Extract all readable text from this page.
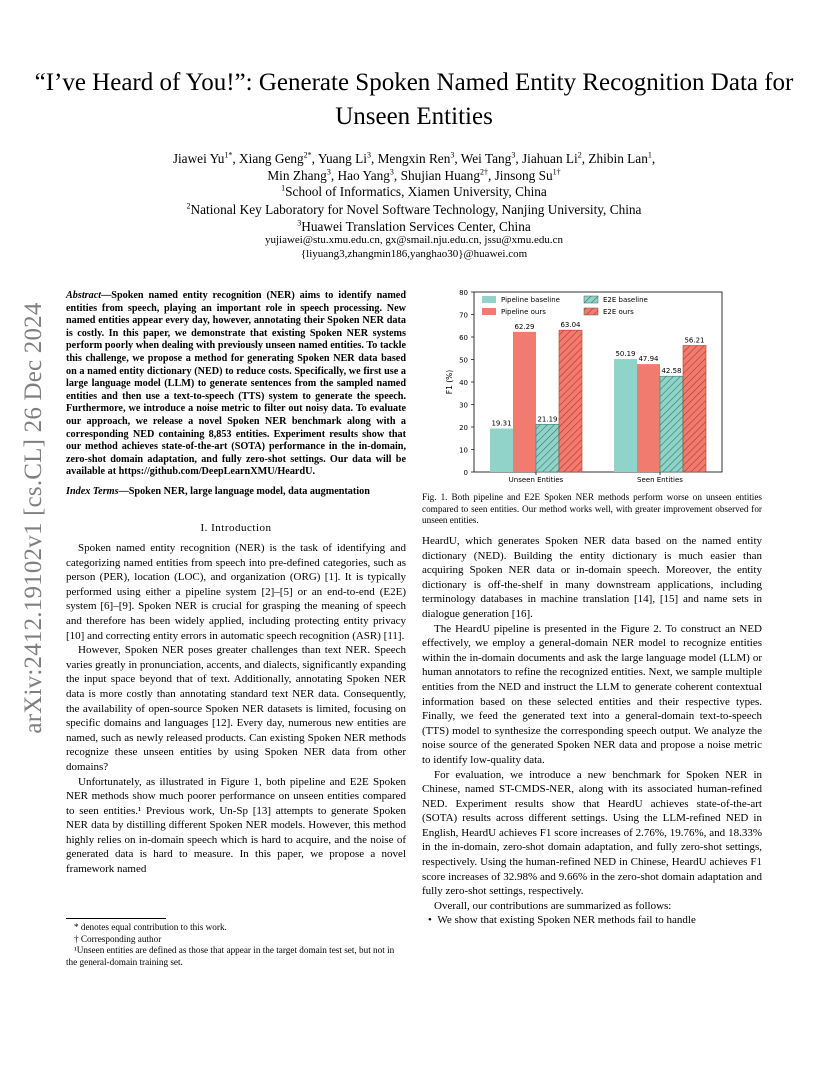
“I’ve Heard of You!”: Generate Spoken Named Entity Recognition Data for Unseen Entities
Jiawei $Yu^{1*}$, Xiang Geng$^{2*}$, Yuang Li$^3$, Mengxin Ren$^3$, Wei Tang$^3$, Jiahuan Li$^2$, Zhibin Lan$^1$,
Min Zhang$^3$, Hao Yang$^3$, Shujian Huang$^{2\dagger}$, Jinsong $Su^{1\dagger}$
$^1$School of Informatics, Xiamen University, China
$^2$National Key Laboratory for Novel Software Technology, Nanjing University, China
$^3$Huawei Translation Services Center, China
yujiawei@stu.xmu.edu.cn, gx@smail.nju.edu.cn, jssu@xmu.edu.cn
{liyuang3,zhangmin186,yanghao30}@huawei.com
arXiv:2412.19102v1 [cs.CL] 26 Dec 2024
Abstract—Spoken named entity recognition (NER) aims to identify named entities from speech, playing an important role in speech processing. New named entities appear every day, however, annotating their Spoken NER data is costly. In this paper, we demonstrate that existing Spoken NER systems perform poorly when dealing with previously unseen named entities. To tackle this challenge, we propose a method for generating Spoken NER data based on a named entity dictionary (NED) to reduce costs. Specifically, we first use a large language model (LLM) to generate sentences from the sampled named entities and then use a text-to-speech (TTS) system to generate the speech. Furthermore, we introduce a noise metric to filter out noisy data. To evaluate our approach, we release a novel Spoken NER benchmark along with a corresponding NED containing 8,853 entities. Experiment results show that our method achieves state-of-the-art (SOTA) performance in the in-domain, zero-shot domain adaptation, and fully zero-shot settings. Our data will be available at https://github.com/DeepLearnXMU/HeardU.
Index Terms—Spoken NER, large language model, data augmentation
I. Introduction

Spoken named entity recognition (NER) is the task of identifying and categorizing named entities from speech into pre-defined categories, such as person (PER), location (LOC), and organization (ORG) [1]. It is typically performed using either a pipeline system [2]–[5] or an end-to-end (E2E) system [6]–[9]. Spoken NER is crucial for grasping the meaning of speech and therefore has been widely applied, including protecting entity privacy [10] and correcting entity errors in automatic speech recognition (ASR) [11].

However, Spoken NER poses greater challenges than text NER. Speech varies greatly in pronunciation, accents, and dialects, significantly expanding the input space beyond that of text. Additionally, annotating Spoken NER data is more costly than annotating standard text NER data. Consequently, the availability of open-source Spoken NER datasets is limited, focusing on specific domains and languages [12]. Every day, numerous new entities are named, such as newly released products. Can existing Spoken NER methods recognize these unseen entities by using Spoken NER data from other domains?

Unfortunately, as illustrated in Figure 1, both pipeline and E2E Spoken NER methods show much poorer performance on unseen entities compared to seen entities.¹ Previous work, Un-Sp [13] attempts to generate Spoken NER data by distilling different Spoken NER models. However, this method highly relies on in-domain speech which is hard to acquire, and the noise of generated data is hard to measure. In this paper, we propose a novel framework named

* denotes equal contribution to this work.
† Corresponding author
¹Unseen entities are defined as those that appear in the target domain test set, but not in the general-domain training set.
0
10
20
30
40
50
60
70
80
F1 (%)
19.31
62.29
21.19
63.04
Unseen Entities
50.19
47.94
42.58
56.21
Seen Entities
Pipeline baseline
Pipeline ours
E2E baseline
E2E ours
Fig. 1. Both pipeline and E2E Spoken NER methods perform worse on unseen entities compared to seen entities. Our method works well, with greater improvement observed for unseen entities.

HeardU, which generates Spoken NER data based on the named entity dictionary (NED). Building the entity dictionary is much easier than acquiring Spoken NER data or in-domain speech. Moreover, the entity dictionary is off-the-shelf in many downstream applications, including terminology databases in machine translation [14], [15] and name sets in dialogue generation [16].

The HeardU pipeline is presented in the Figure 2. To construct an NED effectively, we employ a general-domain NER model to recognize entities within the in-domain documents and ask the large language model (LLM) or human annotators to refine the recognized entities. Next, we sample multiple entities from the NED and instruct the LLM to generate coherent contextual information based on these selected entities and their respective types. Finally, we feed the generated text into a general-domain text-to-speech (TTS) model to synthesize the corresponding speech output. We analyze the noise source of the generated Spoken NER data and propose a noise metric to identify low-quality data.

For evaluation, we introduce a new benchmark for Spoken NER in Chinese, named ST-CMDS-NER, along with its associated human-refined NED. Experiment results show that HeardU achieves state-of-the-art (SOTA) results across different settings. Using the LLM-refined NED in English, HeardU achieves F1 score increases of 2.76%, 19.76%, and 18.33% in the in-domain, zero-shot domain adaptation, and fully zero-shot settings, respectively. Using the human-refined NED in Chinese, HeardU achieves F1 score increases of 32.98% and 9.66% in the zero-shot domain adaptation and fully zero-shot settings, respectively.

Overall, our contributions are summarized as follows:

•  We show that existing Spoken NER methods fail to handle
